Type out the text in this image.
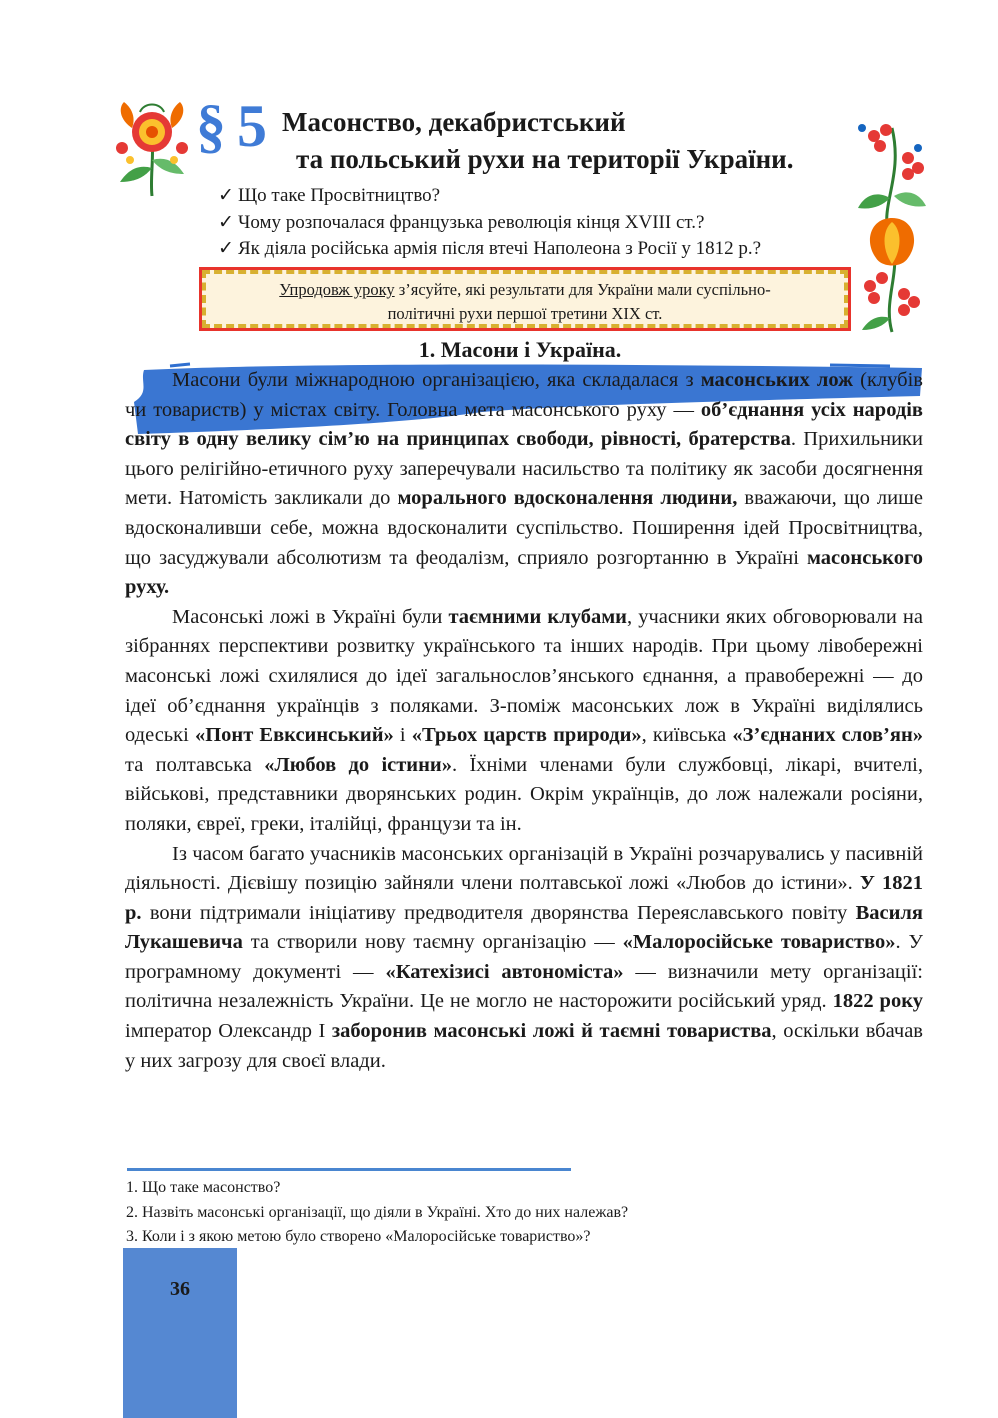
§ 5 Масонство, декабристський
та польський рухи на території України.
✓ Що таке Просвітництво?
✓ Чому розпочалася французька революція кінця XVIII ст.?
✓ Як діяла російська армія після втечі Наполеона з Росії у 1812 р.?
Упродовж уроку з’ясуйте, які результати для України мали суспільно-
політичні рухи першої третини XIX ст.
1. Масони і Україна.

Масони були міжнародною організацією, яка складалася з масонських лож (клубів чи товариств) у містах світу. Головна мета масонського руху — об’єднання усіх народів світу в одну велику сім’ю на принципах свободи, рівності, братерства. Прихильники цього релігійно-етичного руху заперечували насильство та політику як засоби досягнення мети. Натомість закликали до морального вдосконалення людини, вважаючи, що лише вдосконаливши себе, можна вдосконалити суспільство. Поширення ідей Просвітництва, що засуджували абсолютизм та феодалізм, сприяло розгортанню в Україні масонського руху.

Масонські ложі в Україні були таємними клубами, учасники яких обговорювали на зібраннях перспективи розвитку українського та інших народів. При цьому лівобережні масонські ложі схилялися до ідеї загальнослов’янського єднання, а правобережні — до ідеї об’єднання українців з поляками. З-поміж масонських лож в Україні виділялись одеські «Понт Евксинський» і «Трьох царств природи», київська «З’єднаних слов’ян» та полтавська «Любов до істини». Їхніми членами були службовці, лікарі, вчителі, військові, представники дворянських родин. Окрім українців, до лож належали росіяни, поляки, євреї, греки, італійці, французи та ін.

Із часом багато учасників масонських організацій в Україні розчарувались у пасивній діяльності. Дієвішу позицію зайняли члени полтавської ложі «Любов до істини». У 1821 р. вони підтримали ініціативу предводителя дворянства Переяславського повіту Василя Лукашевича та створили нову таємну організацію — «Малоросійське товариство». У програмному документі — «Катехізисі автономіста» — визначили мету організації: політична незалежність України. Це не могло не насторожити російський уряд. 1822 року імператор Олександр I заборонив масонські ложі й таємні товариства, оскільки вбачав у них загрозу для своєї влади.

1. Що таке масонство?
2. Назвіть масонські організації, що діяли в Україні. Хто до них належав?
3. Коли і з якою метою було створено «Малоросійське товариство»?
36
